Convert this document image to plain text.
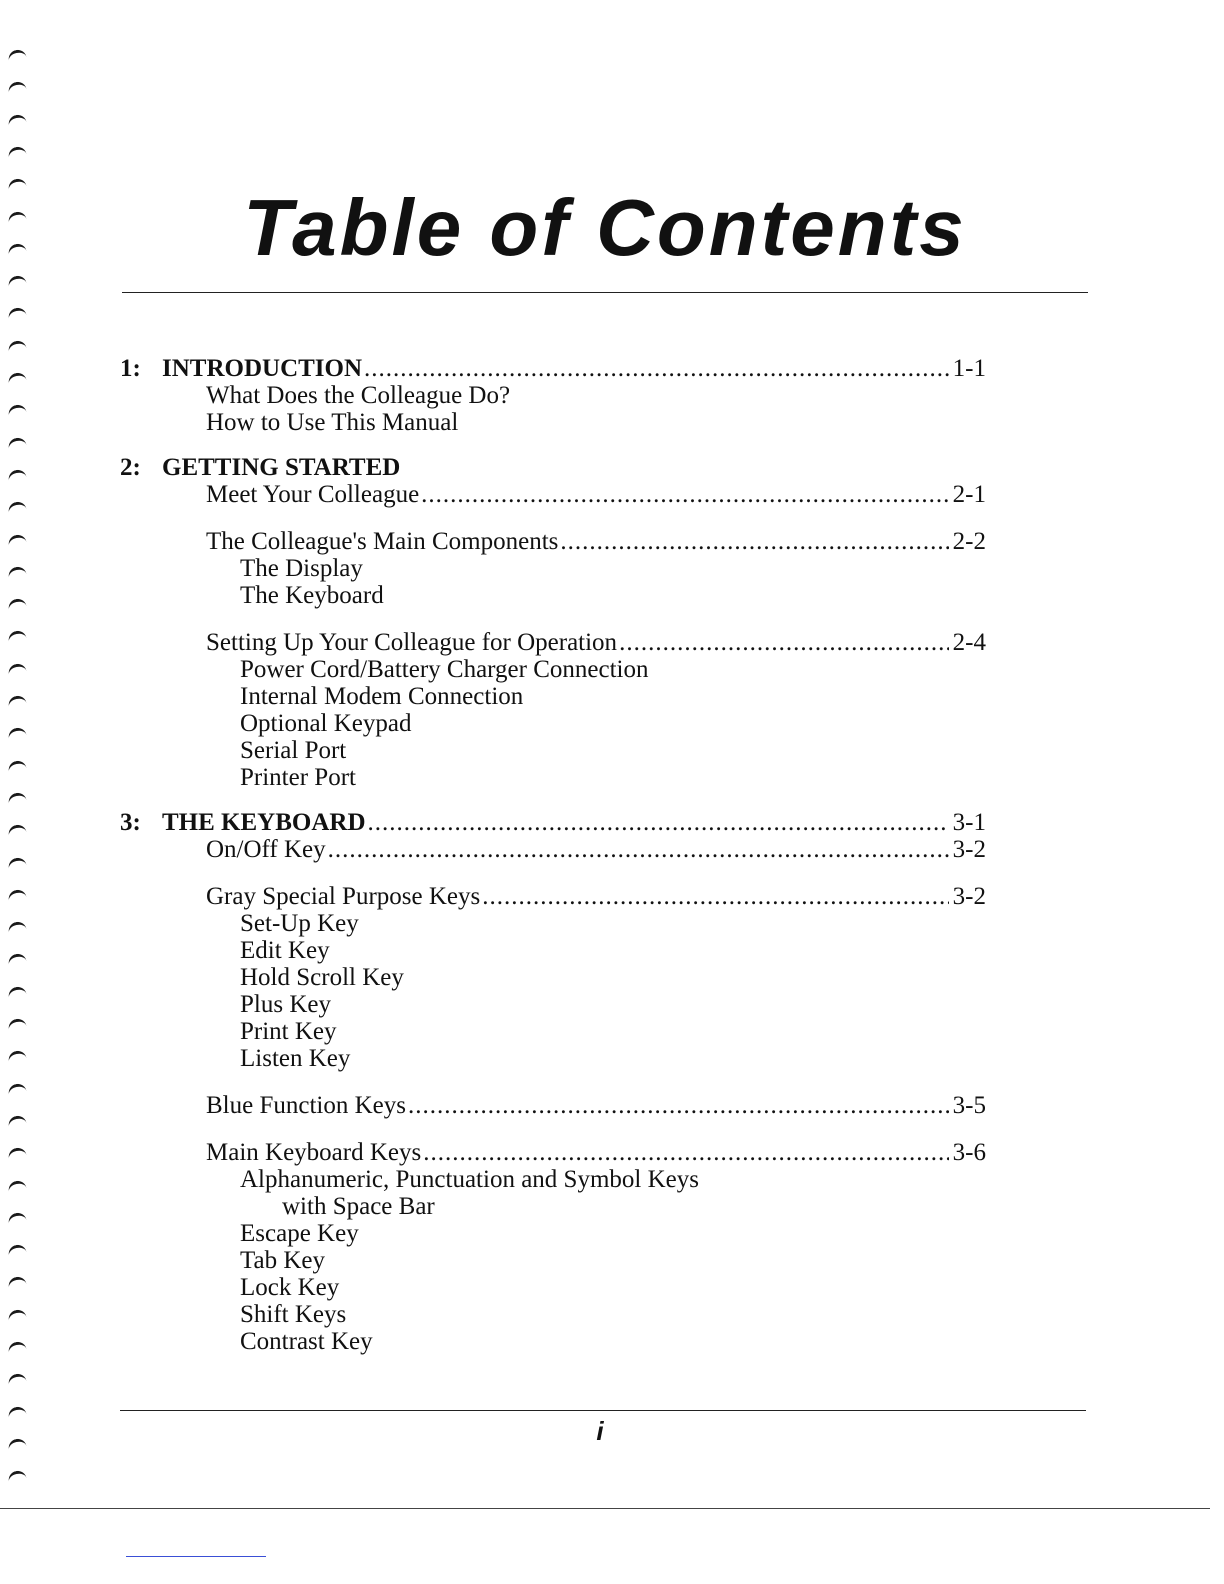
Table of Contents
1: INTRODUCTION .....	1-1
What Does the Colleague Do?
How to Use This Manual
2: GETTING STARTED
Meet Your Colleague .....	2-1
The Colleague's Main Components .....	2-2
The Display
The Keyboard
Setting Up Your Colleague for Operation .....	2-4
Power Cord/Battery Charger Connection
Internal Modem Connection
Optional Keypad
Serial Port
Printer Port
3: THE KEYBOARD .....	3-1
On/Off Key .....	3-2
Gray Special Purpose Keys .....	3-2
Set-Up Key
Edit Key
Hold Scroll Key
Plus Key
Print Key
Listen Key
Blue Function Keys .....	3-5
Main Keyboard Keys .....	3-6
Alphanumeric, Punctuation and Symbol Keys
with Space Bar
Escape Key
Tab Key
Lock Key
Shift Keys
Contrast Key
i
